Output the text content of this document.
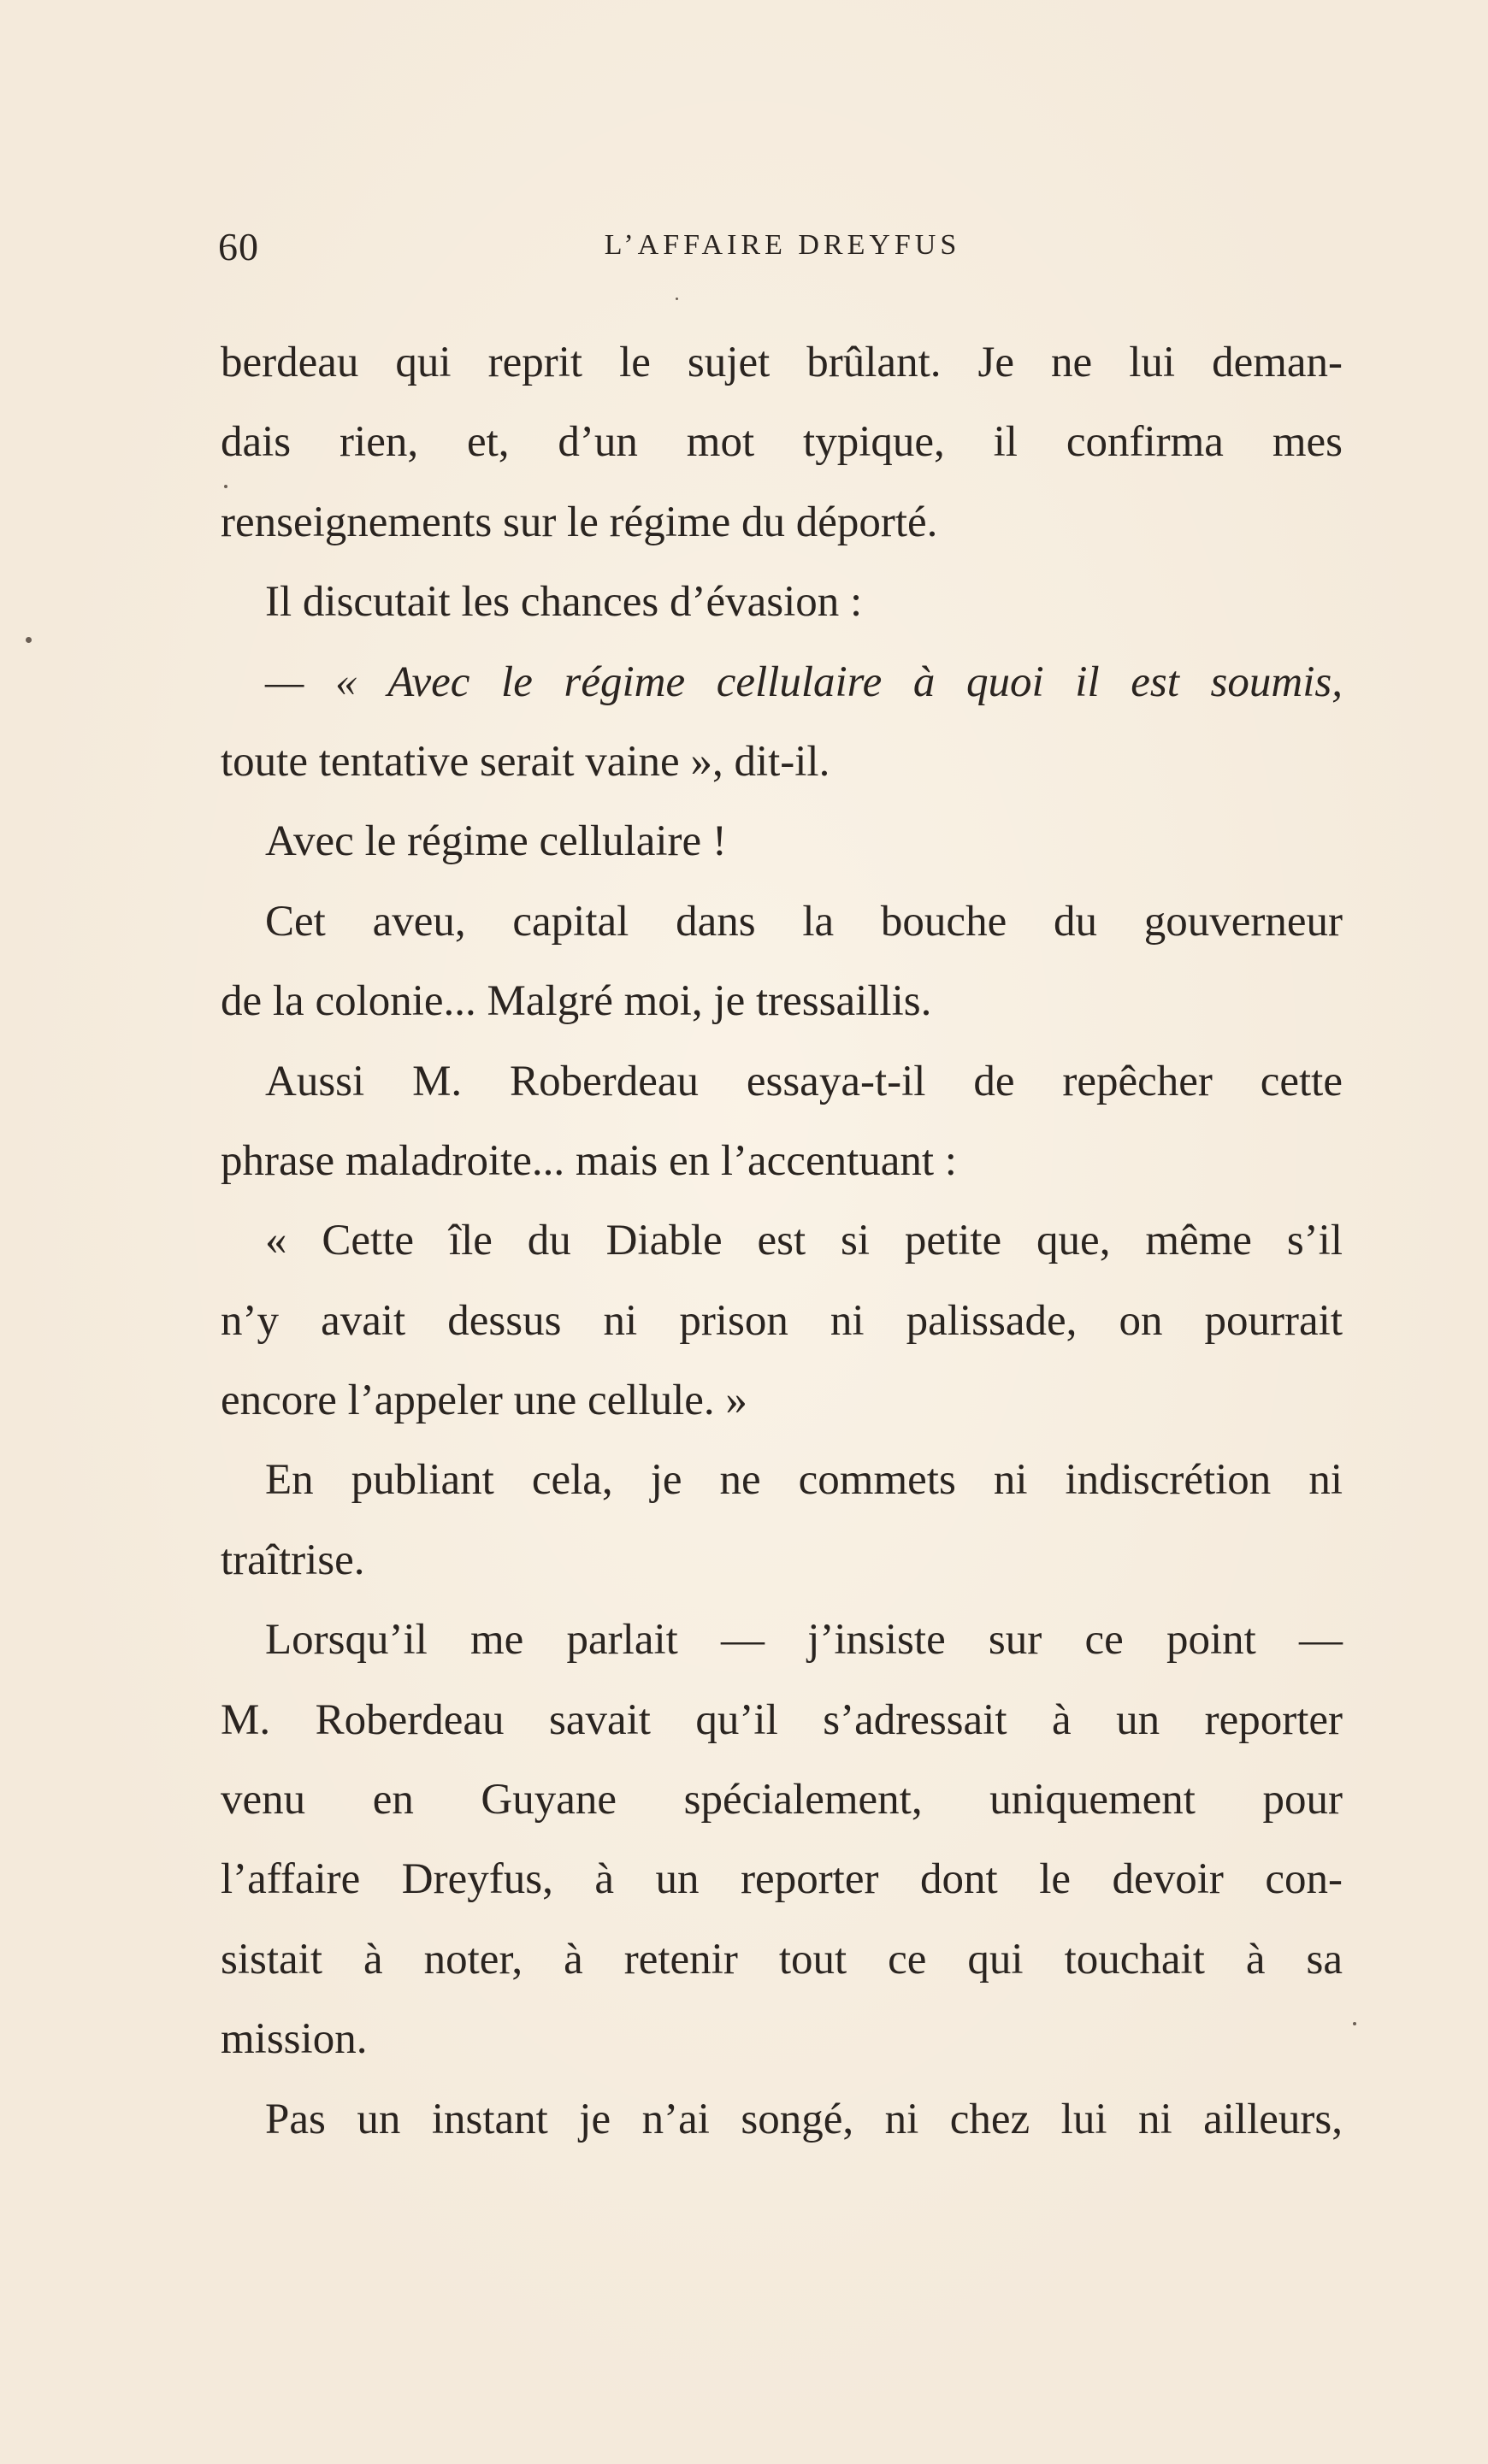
60	L’AFFAIRE DREYFUS
berdeau qui reprit le sujet brûlant. Je ne lui deman-
dais rien, et, d’un mot typique, il confirma mes
renseignements sur le régime du déporté.
Il discutait les chances d’évasion :
— « Avec le régime cellulaire à quoi il est soumis,
toute tentative serait vaine », dit-il.
Avec le régime cellulaire !
Cet aveu, capital dans la bouche du gouverneur
de la colonie... Malgré moi, je tressaillis.
Aussi M. Roberdeau essaya-t-il de repêcher cette
phrase maladroite... mais en l’accentuant :
« Cette île du Diable est si petite que, même s’il
n’y avait dessus ni prison ni palissade, on pourrait
encore l’appeler une cellule. »
En publiant cela, je ne commets ni indiscrétion ni
traîtrise.
Lorsqu’il me parlait — j’insiste sur ce point —
M. Roberdeau savait qu’il s’adressait à un reporter
venu en Guyane spécialement, uniquement pour
l’affaire Dreyfus, à un reporter dont le devoir con-
sistait à noter, à retenir tout ce qui touchait à sa
mission.
Pas un instant je n’ai songé, ni chez lui ni ailleurs,
